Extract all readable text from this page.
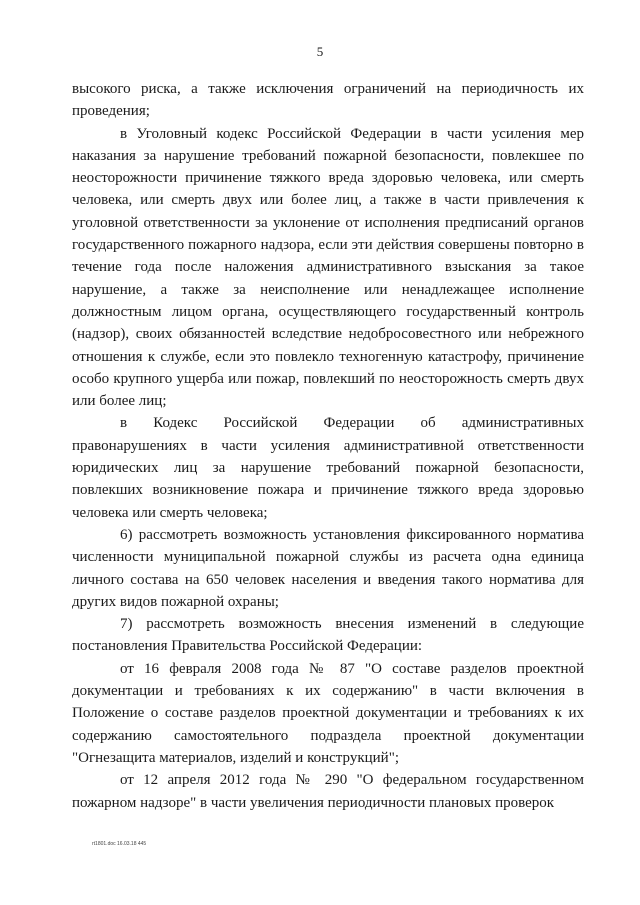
5

высокого риска, а также исключения ограничений на периодичность их проведения;

в Уголовный кодекс Российской Федерации в части усиления мер наказания за нарушение требований пожарной безопасности, повлекшее по неосторожности причинение тяжкого вреда здоровью человека, или смерть человека, или смерть двух или более лиц, а также в части привлечения к уголовной ответственности за уклонение от исполнения предписаний органов государственного пожарного надзора, если эти действия совершены повторно в течение года после наложения административного взыскания за такое нарушение, а также за неисполнение или ненадлежащее исполнение должностным лицом органа, осуществляющего государственный контроль (надзор), своих обязанностей вследствие недобросовестного или небрежного отношения к службе, если это повлекло техногенную катастрофу, причинение особо крупного ущерба или пожар, повлекший по неосторожность смерть двух или более лиц;

в Кодекс Российской Федерации об административных правонарушениях в части усиления административной ответственности юридических лиц за нарушение требований пожарной безопасности, повлекших возникновение пожара и причинение тяжкого вреда здоровью человека или смерть человека;

6) рассмотреть возможность установления фиксированного норматива численности муниципальной пожарной службы из расчета одна единица личного состава на 650 человек населения и введения такого норматива для других видов пожарной охраны;

7) рассмотреть возможность внесения изменений в следующие постановления Правительства Российской Федерации:

от 16 февраля 2008 года № 87 "О составе разделов проектной документации и требованиях к их содержанию" в части включения в Положение о составе разделов проектной документации и требованиях к их содержанию самостоятельного подраздела проектной документации "Огнезащита материалов, изделий и конструкций";

от 12 апреля 2012 года № 290 "О федеральном государственном пожарном надзоре" в части увеличения периодичности плановых проверок

rt1801.doc 16.03.18 445
